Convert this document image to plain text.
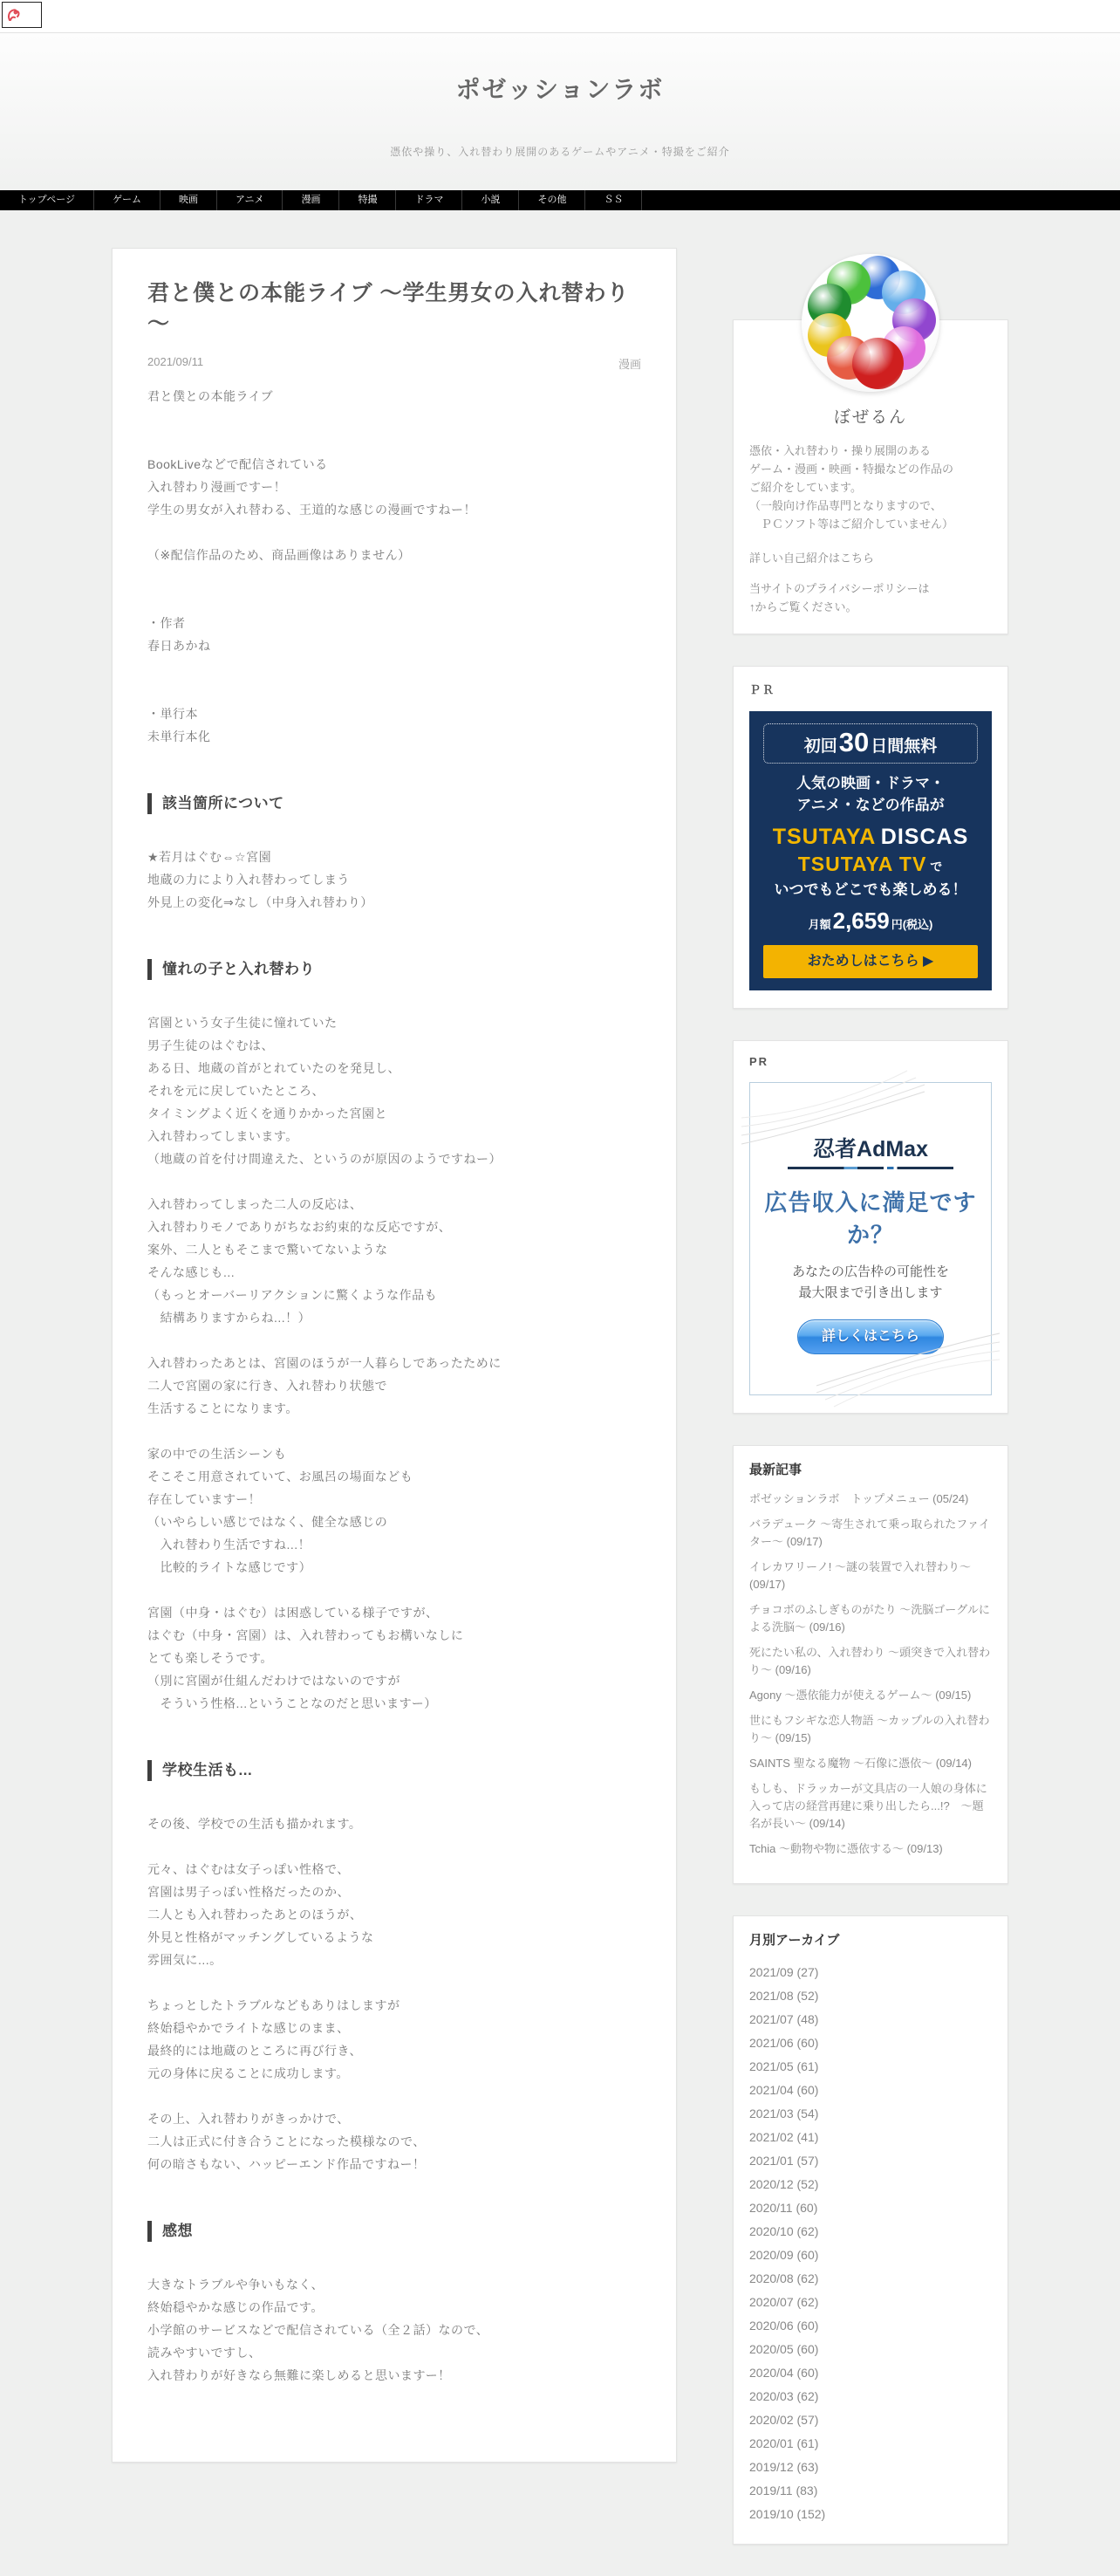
ポゼッションラボ
憑依や操り、入れ替わり展開のあるゲームやアニメ・特撮をご紹介
トップページ	ゲーム	映画	アニメ	漫画	特撮	ドラマ	小説	その他	ＳＳ
君と僕との本能ライブ ～学生男女の入れ替わり～
2021/09/11	漫画

君と僕との本能ライブ

BookLiveなどで配信されている
入れ替わり漫画ですー！
学生の男女が入れ替わる、王道的な感じの漫画ですねー！

（※配信作品のため、商品画像はありません）

・作者
春日あかね

・単行本
未単行本化

該当箇所について

★若月はぐむ⇔☆宮園
地蔵の力により入れ替わってしまう
外見上の変化⇒なし（中身入れ替わり）

憧れの子と入れ替わり

宮園という女子生徒に憧れていた
男子生徒のはぐむは、
ある日、地蔵の首がとれていたのを発見し、
それを元に戻していたところ、
タイミングよく近くを通りかかった宮園と
入れ替わってしまいます。
（地蔵の首を付け間違えた、というのが原因のようですねー）

入れ替わってしまった二人の反応は、
入れ替わりモノでありがちなお約束的な反応ですが、
案外、二人ともそこまで驚いてないような
そんな感じも...
（もっとオーバーリアクションに驚くような作品も
　結構ありますからね...！）

入れ替わったあとは、宮園のほうが一人暮らしであったために
二人で宮園の家に行き、入れ替わり状態で
生活することになります。

家の中での生活シーンも
そこそこ用意されていて、お風呂の場面なども
存在していますー！
（いやらしい感じではなく、健全な感じの
　入れ替わり生活ですね...！
　比較的ライトな感じです）

宮園（中身・はぐむ）は困惑している様子ですが、
はぐむ（中身・宮園）は、入れ替わってもお構いなしに
とても楽しそうです。
（別に宮園が仕組んだわけではないのですが
　そういう性格...ということなのだと思いますー）

学校生活も...

その後、学校での生活も描かれます。

元々、はぐむは女子っぽい性格で、
宮園は男子っぽい性格だったのか、
二人とも入れ替わったあとのほうが、
外見と性格がマッチングしているような
雰囲気に...。

ちょっとしたトラブルなどもありはしますが
終始穏やかでライトな感じのまま、
最終的には地蔵のところに再び行き、
元の身体に戻ることに成功します。

その上、入れ替わりがきっかけで、
二人は正式に付き合うことになった模様なので、
何の暗さもない、ハッピーエンド作品ですねー！

感想

大きなトラブルや争いもなく、
終始穏やかな感じの作品です。
小学館のサービスなどで配信されている（全２話）なので、
読みやすいですし、
入れ替わりが好きなら無難に楽しめると思いますー！

ぼぜるん
憑依・入れ替わり・操り展開のある
ゲーム・漫画・映画・特撮などの作品の
ご紹介をしています。
（一般向け作品専門となりますので、
　ＰＣソフト等はご紹介していません）
詳しい自己紹介はこちら
当サイトのプライバシーポリシーは
↑からご覧ください。
ＰＲ
初回30 日間無料
人気の映画・ドラマ・
アニメ・などの作品が
TSUTAYA DISCAS
TSUTAYA TV で
いつでもどこでも楽しめる！
月額2,659 円(税込)
おためしはこちら ▶
PR
忍者AdMax
広告収入に満足ですか？
あなたの広告枠の可能性を
最大限まで引き出します
詳しくはこちら
最新記事
ポゼッションラボ　トップメニュー (05/24)
バラデューク ～寄生されて乗っ取られたファイター～ (09/17)
イレカワリーノ! ～謎の装置で入れ替わり～ (09/17)
チョコボのふしぎものがたり ～洗脳ゴーグルによる洗脳～ (09/16)
死にたい私の、入れ替わり ～頭突きで入れ替わり～ (09/16)
Agony ～憑依能力が使えるゲーム～ (09/15)
世にもフシギな恋人物語 ～カップルの入れ替わり～ (09/15)
SAINTS 聖なる魔物 ～石像に憑依～ (09/14)
もしも、ドラッカーが文具店の一人娘の身体に入って店の経営再建に乗り出したら...!?　～題名が長い～ (09/14)
Tchia ～動物や物に憑依する～ (09/13)
月別アーカイブ
2021/09 (27)
2021/08 (52)
2021/07 (48)
2021/06 (60)
2021/05 (61)
2021/04 (60)
2021/03 (54)
2021/02 (41)
2021/01 (57)
2020/12 (52)
2020/11 (60)
2020/10 (62)
2020/09 (60)
2020/08 (62)
2020/07 (62)
2020/06 (60)
2020/05 (60)
2020/04 (60)
2020/03 (62)
2020/02 (57)
2020/01 (61)
2019/12 (63)
2019/11 (83)
2019/10 (152)
